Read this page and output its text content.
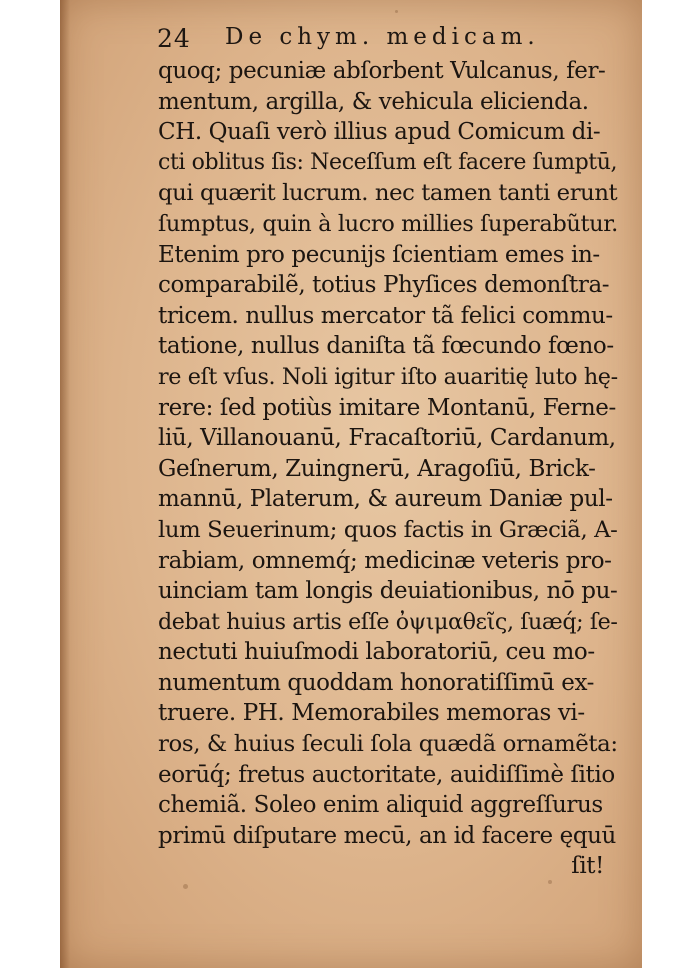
24 De chym. medicam.
quoq; pecuniæ abſorbent Vulcanus, fer-
mentum, argilla, & vehicula elicienda.
CH. Quaſi verò illius apud Comicum di-
cti oblitus ſis: Neceſſum eſt facere ſumptū,
qui quærit lucrum. nec tamen tanti erunt
ſumptus, quin à lucro millies ſuperabũtur.
Etenim pro pecunijs ſcientiam emes in-
comparabilẽ, totius Phyſices demonſtra-
tricem. nullus mercator tã felici commu-
tatione, nullus daniſta tã fœcundo fœno-
re eſt vſus. Noli igitur iſto auaritię luto hę-
rere: ſed potiùs imitare Montanū, Ferne-
liū, Villanouanū, Fracaſtoriū, Cardanum,
Geſnerum, Zuingnerū, Aragoſiū, Brick-
mannū, Platerum, & aureum Daniæ pul-
lum Seuerinum; quos factis in Græciã, A-
rabiam, omnemq́; medicinæ veteris pro-
uinciam tam longis deuiationibus, nō pu-
debat huius artis eſſe ὀψιμαθεῖς, ſuæq́; ſe-
nectuti huiuſmodi laboratoriū, ceu mo-
numentum quoddam honoratiſſimū ex-
truere. PH. Memorabiles memoras vi-
ros, & huius ſeculi ſola quædã ornamẽta:
eorūq́; fretus auctoritate, auidiſſimè ſitio
chemiã. Soleo enim aliquid aggreſſurus
primū diſputare mecū, an id facere ęquū
ſit!
